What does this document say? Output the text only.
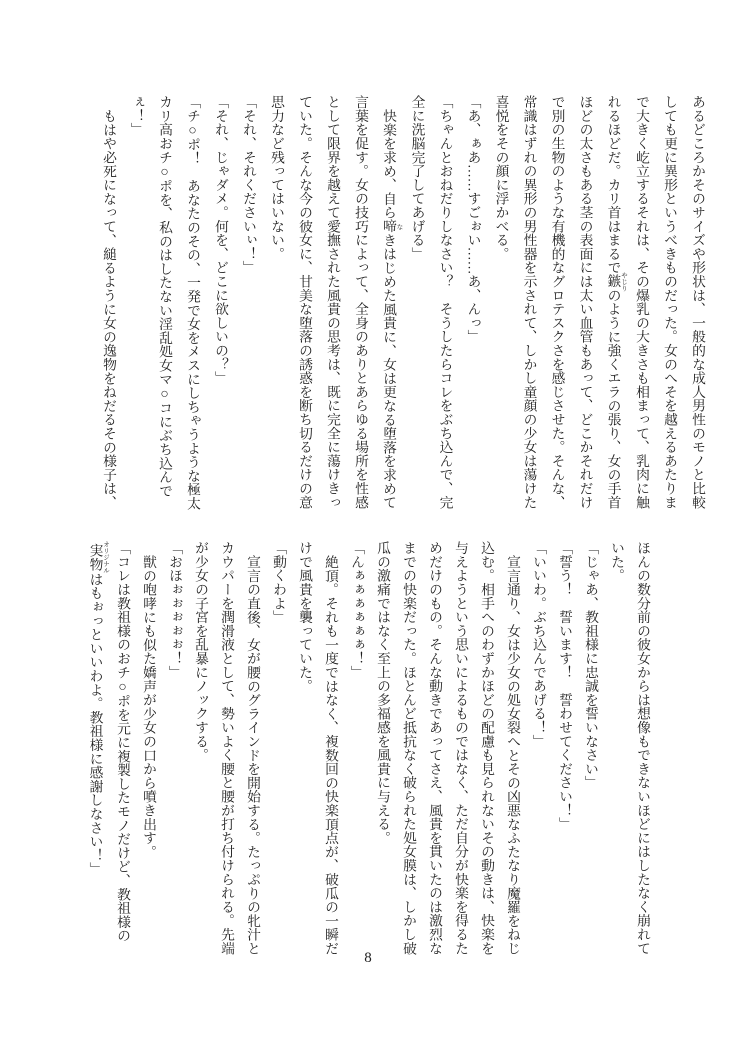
あるどころかそのサイズや形状は、一般的な成人男性のモノと比較

しても更に異形というべきものだった。女のへそを越えるあたりま

で大きく屹立するそれは、その爆乳の大きさも相まって、乳肉に触

れるほどだ。カリ首はまるで鏃 やじりのように強くエラの張り、女の手首

ほどの太さもある茎の表面には太い血管もあって、どこかそれだけ

で別の生物のような有機的なグロテスクさを感じさせた。そんな、

常識はずれの異形の男性器を示されて、しかし童顔の少女は蕩けた

喜悦をその顔に浮かべる。

「あ、ぁあ……すごぉい……あ、んっ」

「ちゃんとおねだりしなさい？　そうしたらコレをぶち込んで、完

全に洗脳完了してあげる」

快楽を求め、自ら啼 なきはじめた風貴に、女は更なる堕落を求めて

言葉を促す。女の技巧によって、全身のありとあらゆる場所を性感

として限界を越えて愛撫された風貴の思考は、既に完全に蕩けきっ

ていた。そんな今の彼女に、甘美な堕落の誘惑を断ち切るだけの意

思力など残ってはいない。

「それ、それくださいぃ！」

「それ、じゃダメ。何を、どこに欲しいの？」

「チ○ポ！　あなたのその、一発で女をメスにしちゃうような極太

カリ高おチ○ポを、私のはしたない淫乱処女マ○コにぶち込んで

ぇ！」

もはや必死になって、縋るように女の逸物をねだるその様子は、

ほんの数分前の彼女からは想像もできないほどにはしたなく崩れて

いた。

「じゃあ、教祖様に忠誠を誓いなさい」

「誓う！　誓います！　誓わせてください！」

「いいわ。ぶち込んであげる！」

宣言通り、女は少女の処女裂へとその凶悪なふたなり魔羅をねじ

込む。相手へのわずかほどの配慮も見られないその動きは、快楽を

与えようという思いによるものではなく、ただ自分が快楽を得るた

めだけのもの。そんな動きであってさえ、風貴を貫いたのは激烈な

までの快楽だった。ほとんど抵抗なく破られた処女膜は、しかし破

瓜の激痛ではなく至上の多福感を風貴に与える。

「んぁぁぁぁぁぁ！」

絶頂。それも一度ではなく、複数回の快楽頂点が、破瓜の一瞬だ

けで風貴を襲っていた。

「動くわよ」

宣言の直後、女が腰のグラインドを開始する。たっぷりの牝汁と

カウパーを潤滑液として、勢いよく腰と腰が打ち付けられる。先端

が少女の子宮を乱暴にノックする。

「おほぉぉぉぉぉ！」

獣の咆哮にも似た嬌声が少女の口から噴き出す。

「コレは教祖様のおチ○ポを元に複製したモノだけど、教祖様の

実物 オリジナルはもぉっといいわよ。教祖様に感謝しなさい！」

8
